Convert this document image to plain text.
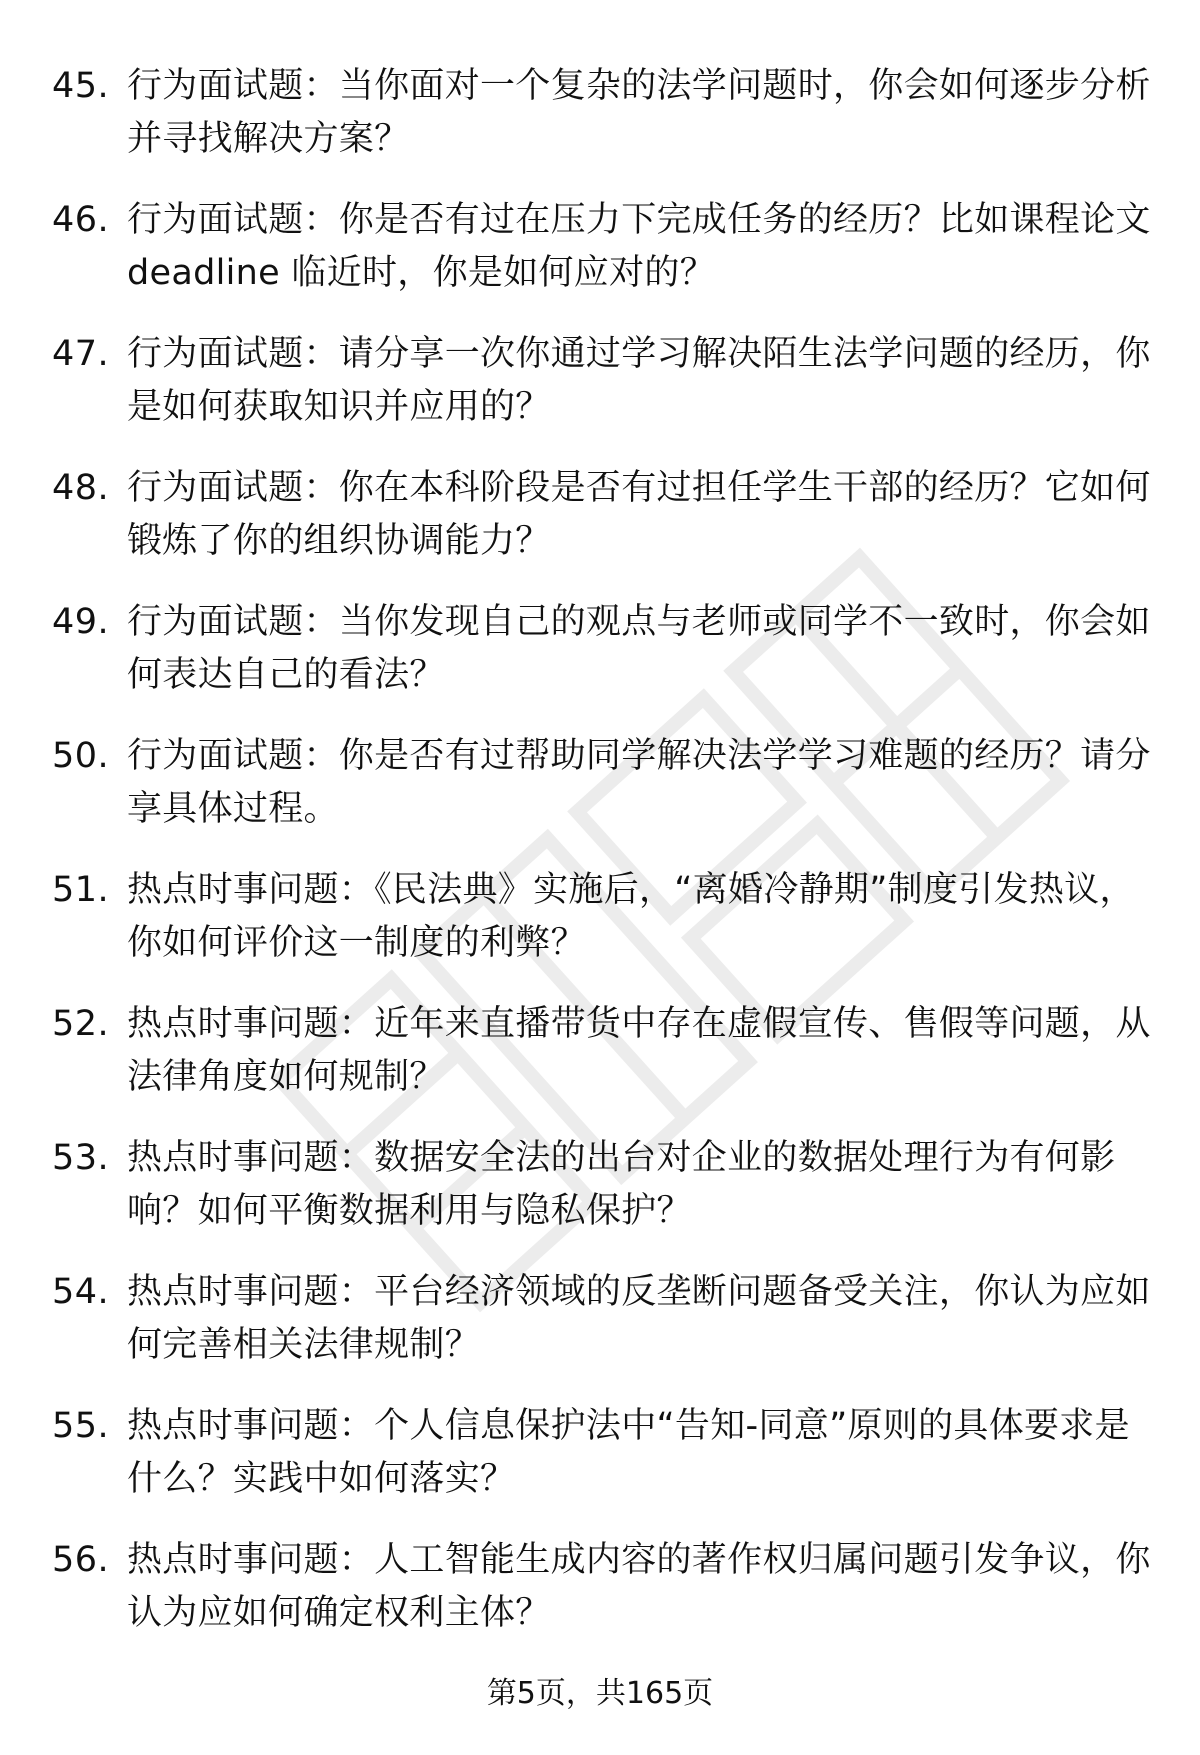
45. 行为面试题：当你面对一个复杂的法学问题时，你会如何逐步分析并寻找解决方案？
46. 行为面试题：你是否有过在压力下完成任务的经历？比如课程论文 deadline 临近时，你是如何应对的？
47. 行为面试题：请分享一次你通过学习解决陌生法学问题的经历，你是如何获取知识并应用的？
48. 行为面试题：你在本科阶段是否有过担任学生干部的经历？它如何锻炼了你的组织协调能力？
49. 行为面试题：当你发现自己的观点与老师或同学不一致时，你会如何表达自己的看法？
50. 行为面试题：你是否有过帮助同学解决法学学习难题的经历？请分享具体过程。
51. 热点时事问题：《民法典》实施后，“离婚冷静期”制度引发热议，你如何评价这一制度的利弊？
52. 热点时事问题：近年来直播带货中存在虚假宣传、售假等问题，从法律角度如何规制？
53. 热点时事问题：数据安全法的出台对企业的数据处理行为有何影响？如何平衡数据利用与隐私保护？
54. 热点时事问题：平台经济领域的反垄断问题备受关注，你认为应如何完善相关法律规制？
55. 热点时事问题：个人信息保护法中“告知-同意”原则的具体要求是什么？实践中如何落实？
56. 热点时事问题：人工智能生成内容的著作权归属问题引发争议，你认为应如何确定权利主体？
第5页，共165页
